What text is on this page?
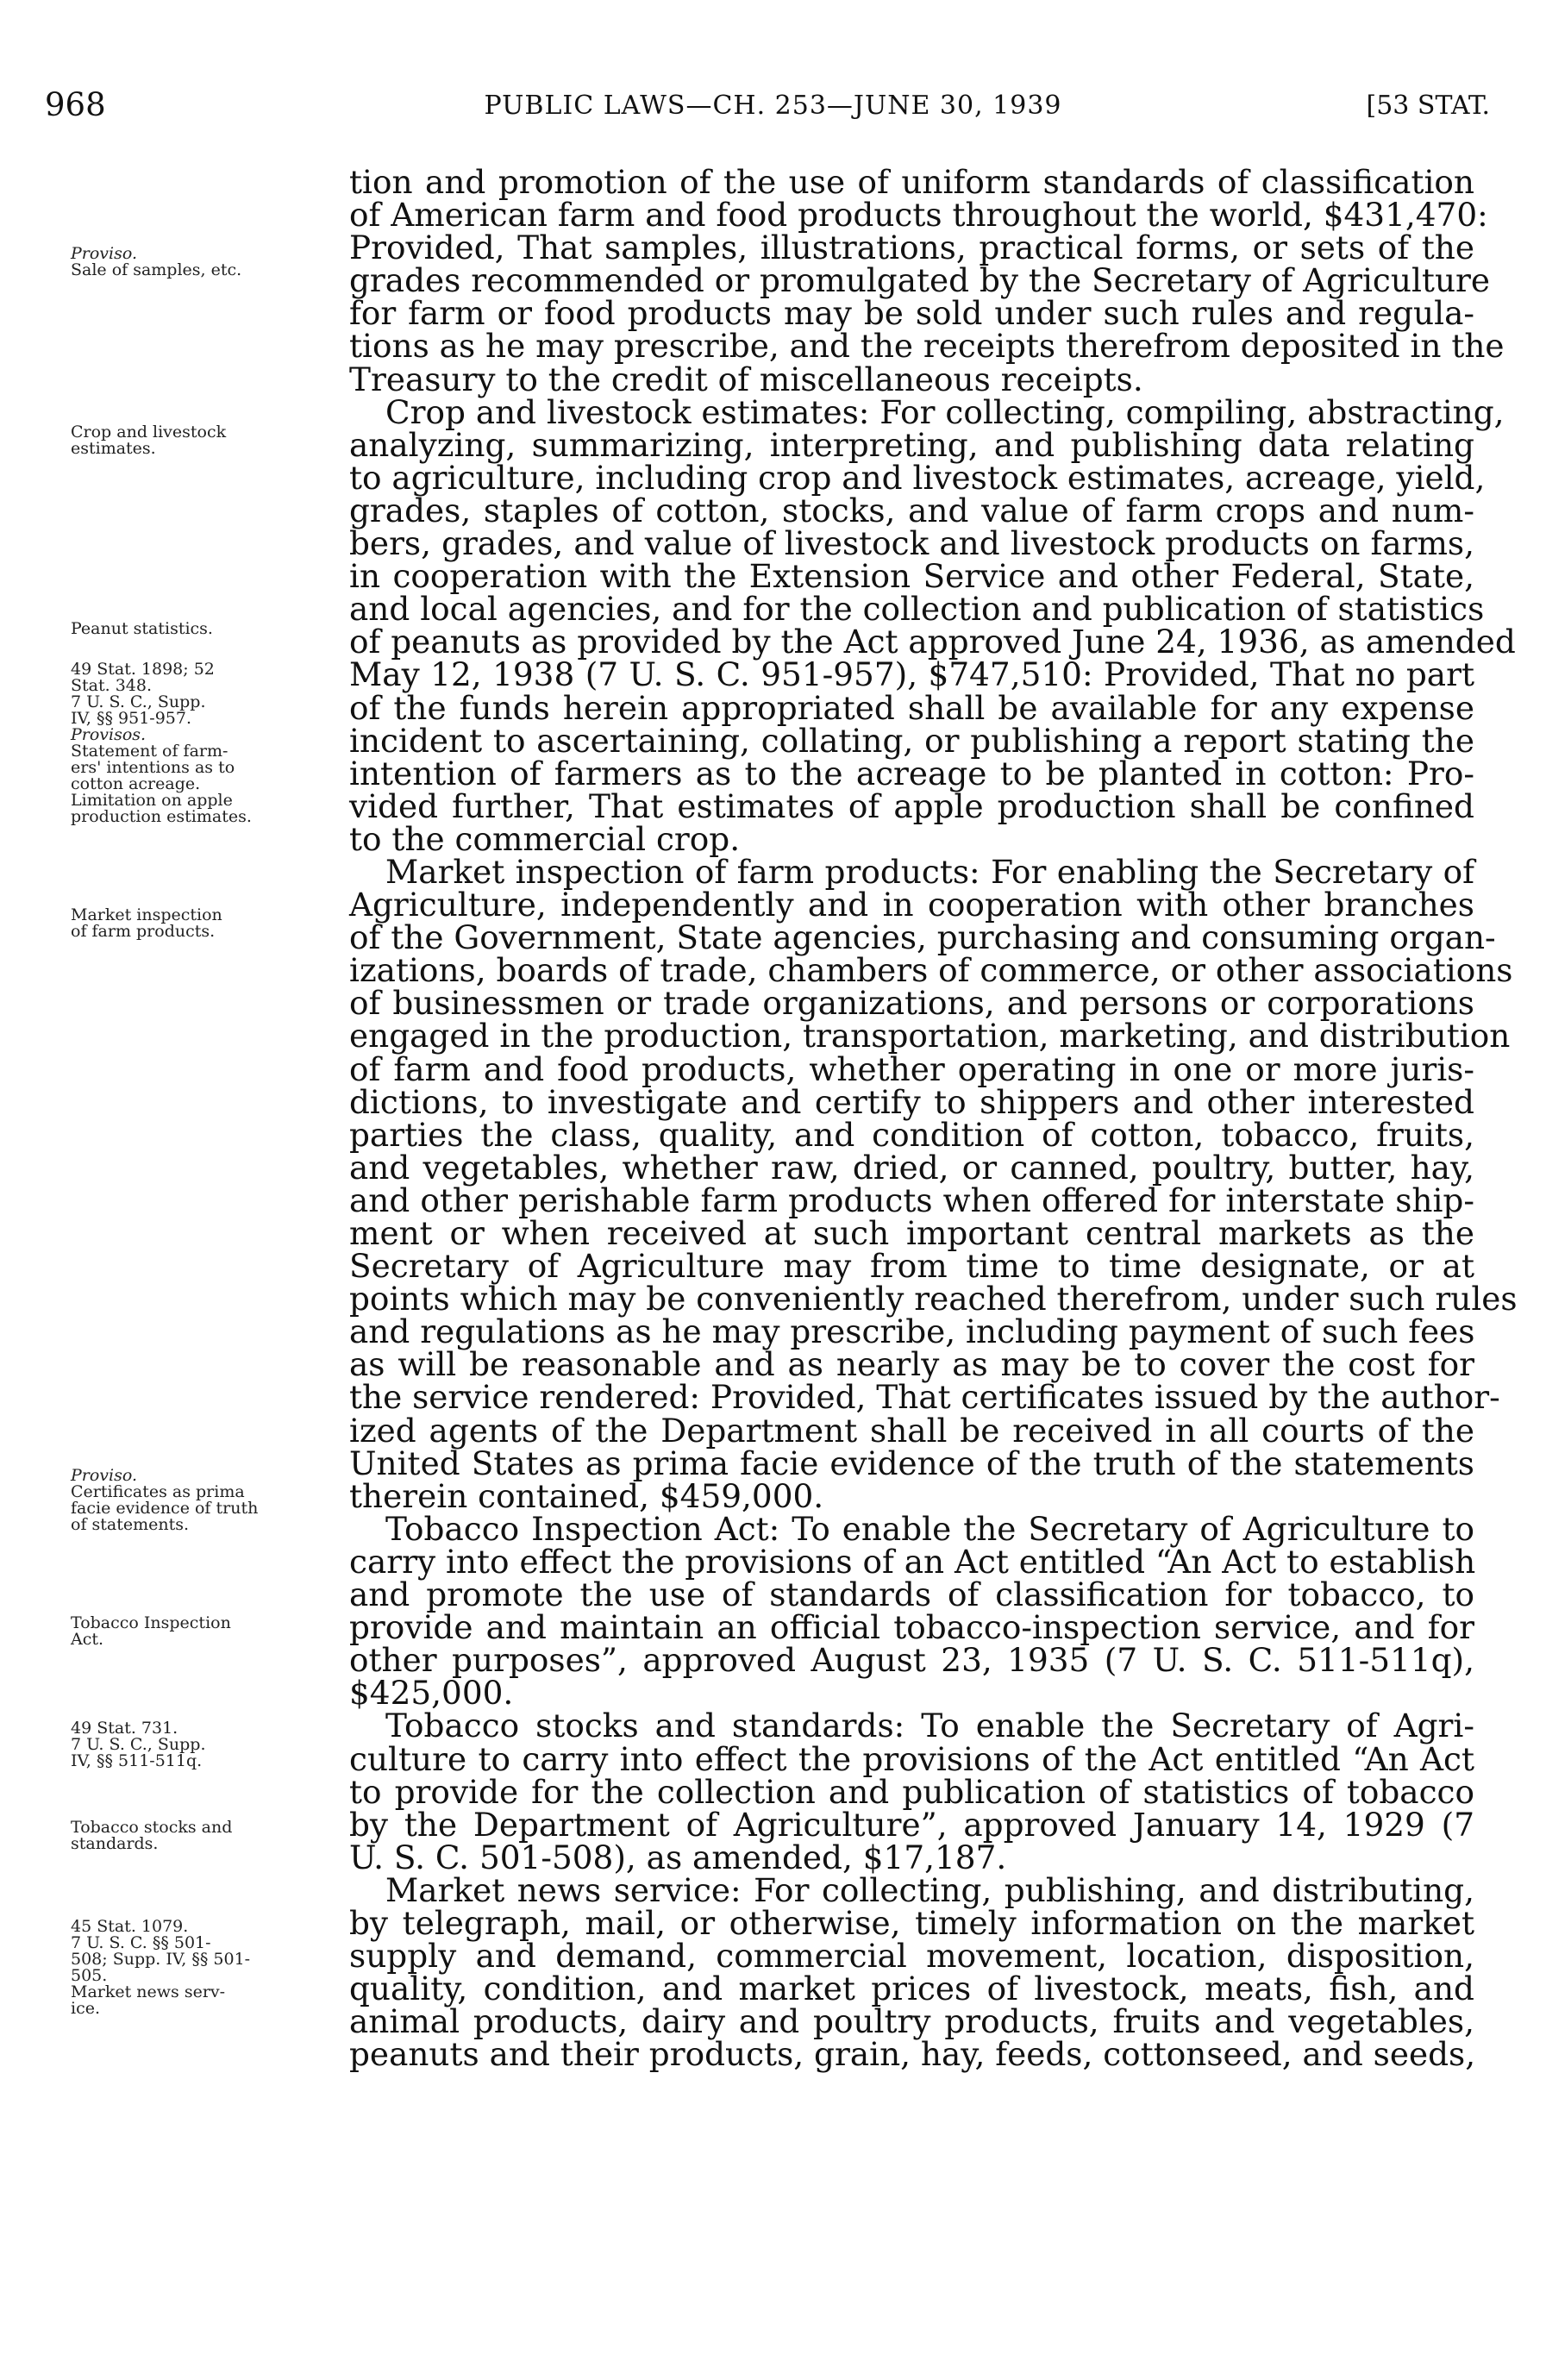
968	PUBLIC LAWS—CH. 253—JUNE 30, 1939	[53 STAT.
Proviso.
Sale of samples, etc.
Crop and livestock
estimates.
Peanut statistics.
49 Stat. 1898; 52
Stat. 348.
7 U. S. C., Supp.
IV, §§ 951-957.
Provisos.
Statement of farm-
ers' intentions as to
cotton acreage.
Limitation on apple
production estimates.
Market inspection
of farm products.
Proviso.
Certificates as prima
facie evidence of truth
of statements.
Tobacco Inspection
Act.
49 Stat. 731.
7 U. S. C., Supp.
IV, §§ 511-511q.
Tobacco stocks and
standards.
45 Stat. 1079.
7 U. S. C. §§ 501-
508; Supp. IV, §§ 501-
505.
Market news serv-
ice.
tion and promotion of the use of uniform standards of classification
of American farm and food products throughout the world, $431,470:
Provided, That samples, illustrations, practical forms, or sets of the
grades recommended or promulgated by the Secretary of Agriculture
for farm or food products may be sold under such rules and regula-
tions as he may prescribe, and the receipts therefrom deposited in the
Treasury to the credit of miscellaneous receipts.
Crop and livestock estimates: For collecting, compiling, abstracting,
analyzing, summarizing, interpreting, and publishing data relating
to agriculture, including crop and livestock estimates, acreage, yield,
grades, staples of cotton, stocks, and value of farm crops and num-
bers, grades, and value of livestock and livestock products on farms,
in cooperation with the Extension Service and other Federal, State,
and local agencies, and for the collection and publication of statistics
of peanuts as provided by the Act approved June 24, 1936, as amended
May 12, 1938 (7 U. S. C. 951-957), $747,510: Provided, That no part
of the funds herein appropriated shall be available for any expense
incident to ascertaining, collating, or publishing a report stating the
intention of farmers as to the acreage to be planted in cotton: Pro-
vided further, That estimates of apple production shall be confined
to the commercial crop.
Market inspection of farm products: For enabling the Secretary of
Agriculture, independently and in cooperation with other branches
of the Government, State agencies, purchasing and consuming organ-
izations, boards of trade, chambers of commerce, or other associations
of businessmen or trade organizations, and persons or corporations
engaged in the production, transportation, marketing, and distribution
of farm and food products, whether operating in one or more juris-
dictions, to investigate and certify to shippers and other interested
parties the class, quality, and condition of cotton, tobacco, fruits,
and vegetables, whether raw, dried, or canned, poultry, butter, hay,
and other perishable farm products when offered for interstate ship-
ment or when received at such important central markets as the
Secretary of Agriculture may from time to time designate, or at
points which may be conveniently reached therefrom, under such rules
and regulations as he may prescribe, including payment of such fees
as will be reasonable and as nearly as may be to cover the cost for
the service rendered: Provided, That certificates issued by the author-
ized agents of the Department shall be received in all courts of the
United States as prima facie evidence of the truth of the statements
therein contained, $459,000.
Tobacco Inspection Act: To enable the Secretary of Agriculture to
carry into effect the provisions of an Act entitled “An Act to establish
and promote the use of standards of classification for tobacco, to
provide and maintain an official tobacco-inspection service, and for
other purposes”, approved August 23, 1935 (7 U. S. C. 511-511q),
$425,000.
Tobacco stocks and standards: To enable the Secretary of Agri-
culture to carry into effect the provisions of the Act entitled “An Act
to provide for the collection and publication of statistics of tobacco
by the Department of Agriculture”, approved January 14, 1929 (7
U. S. C. 501-508), as amended, $17,187.
Market news service: For collecting, publishing, and distributing,
by telegraph, mail, or otherwise, timely information on the market
supply and demand, commercial movement, location, disposition,
quality, condition, and market prices of livestock, meats, fish, and
animal products, dairy and poultry products, fruits and vegetables,
peanuts and their products, grain, hay, feeds, cottonseed, and seeds,
